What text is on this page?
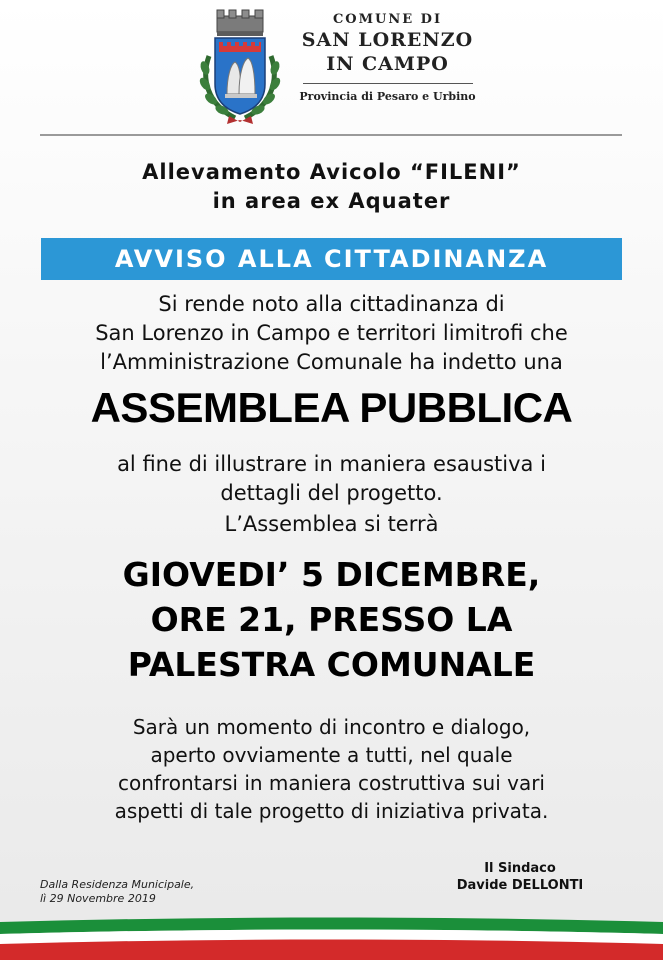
COMUNE DI
SAN LORENZO
IN CAMPO
Provincia di Pesaro e Urbino
Allevamento Avicolo “FILENI”
in area ex Aquater
AVVISO ALLA CITTADINANZA
Si rende noto alla cittadinanza di
San Lorenzo in Campo e territori limitrofi che
l’Amministrazione Comunale ha indetto una
ASSEMBLEA PUBBLICA
al fine di illustrare in maniera esaustiva i
dettagli del progetto.
L’Assemblea si terrà
GIOVEDI’ 5 DICEMBRE,
ORE 21, PRESSO LA
PALESTRA COMUNALE
Sarà un momento di incontro e dialogo,
aperto ovviamente a tutti, nel quale
confrontarsi in maniera costruttiva sui vari
aspetti di tale progetto di iniziativa privata.
Il Sindaco
Davide DELLONTI
Dalla Residenza Municipale,
lì 29 Novembre 2019
